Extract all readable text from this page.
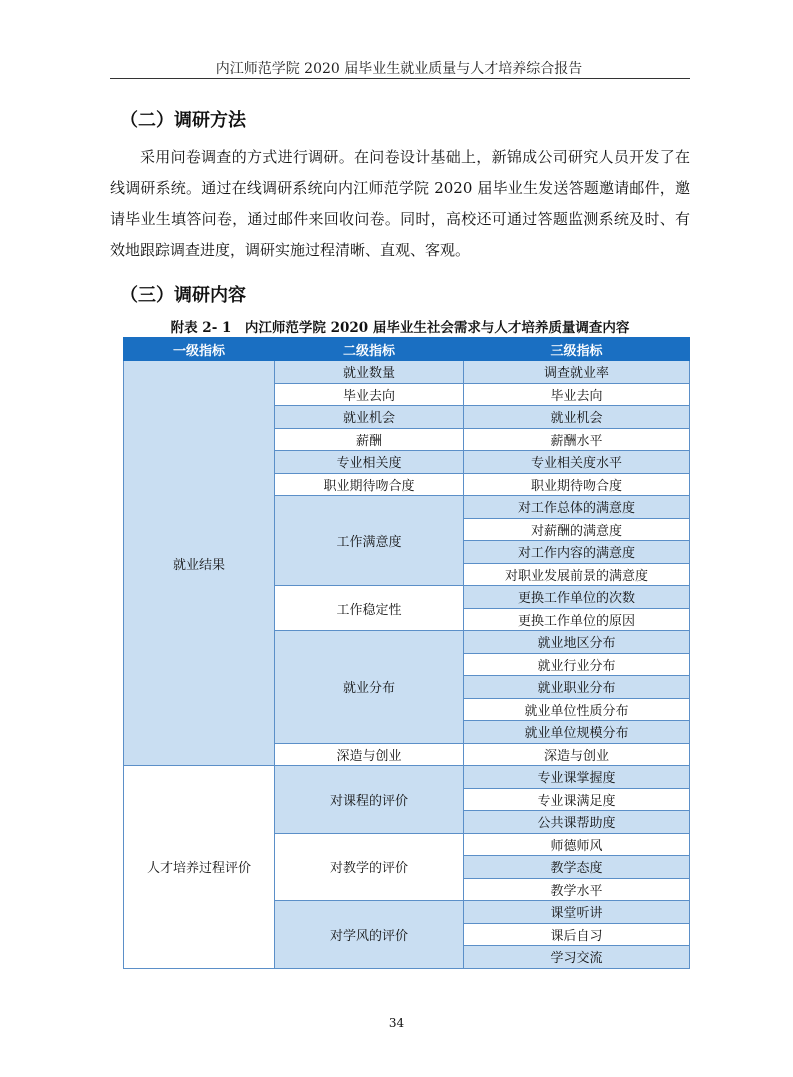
内江师范学院 2020 届毕业生就业质量与人才培养综合报告
（二）调研方法
采用问卷调查的方式进行调研。在问卷设计基础上，新锦成公司研究人员开发了在线调研系统。通过在线调研系统向内江师范学院 2020 届毕业生发送答题邀请邮件，邀请毕业生填答问卷，通过邮件来回收问卷。同时，高校还可通过答题监测系统及时、有效地跟踪调查进度，调研实施过程清晰、直观、客观。
（三）调研内容
附表 2- 1　内江师范学院 2020 届毕业生社会需求与人才培养质量调查内容
一级指标	二级指标	三级指标
就业结果	就业数量	调查就业率
	毕业去向	毕业去向
	就业机会	就业机会
	薪酬	薪酬水平
	专业相关度	专业相关度水平
	职业期待吻合度	职业期待吻合度
	工作满意度	对工作总体的满意度
		对薪酬的满意度
		对工作内容的满意度
		对职业发展前景的满意度
	工作稳定性	更换工作单位的次数
		更换工作单位的原因
	就业分布	就业地区分布
		就业行业分布
		就业职业分布
		就业单位性质分布
		就业单位规模分布
	深造与创业	深造与创业
人才培养过程评价	对课程的评价	专业课掌握度
		专业课满足度
		公共课帮助度
	对教学的评价	师德师风
		教学态度
		教学水平
	对学风的评价	课堂听讲
		课后自习
		学习交流
34
